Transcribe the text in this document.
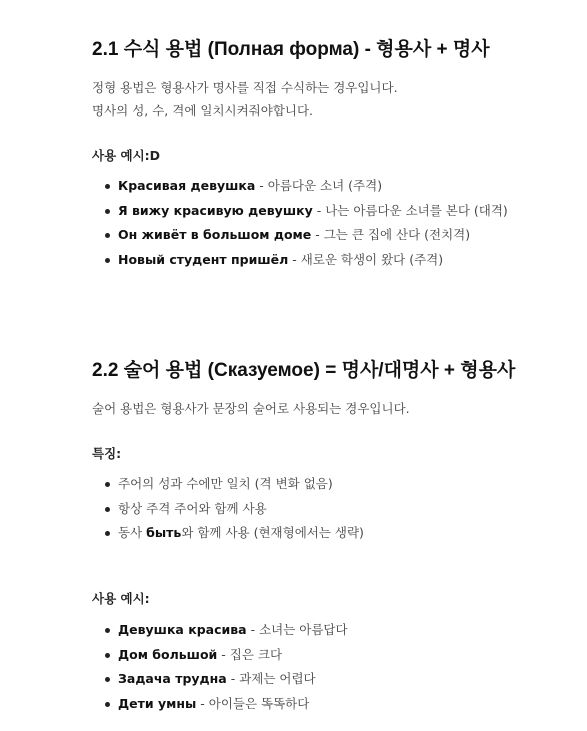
2.1 수식 용법 (Полная форма) - 형용사 + 명사

정형 용법은 형용사가 명사를 직접 수식하는 경우입니다.

명사의 성, 수, 격에 일치시켜줘야합니다.

사용 예시:D

Красивая девушка - 아름다운 소녀 (주격)
Я вижу красивую девушку - 나는 아름다운 소녀를 본다 (대격)
Он живёт в большом доме - 그는 큰 집에 산다 (전치격)
Новый студент пришёл - 새로운 학생이 왔다 (주격)
2.2 술어 용법 (Сказуемое) = 명사/대명사 + 형용사

술어 용법은 형용사가 문장의 술어로 사용되는 경우입니다.

특징:

주어의 성과 수에만 일치 (격 변화 없음)
항상 주격 주어와 함께 사용
동사 быть와 함께 사용 (현재형에서는 생략)

사용 예시:

Девушка красива - 소녀는 아름답다
Дом большой - 집은 크다
Задача трудна - 과제는 어렵다
Дети умны - 아이들은 똑똑하다
